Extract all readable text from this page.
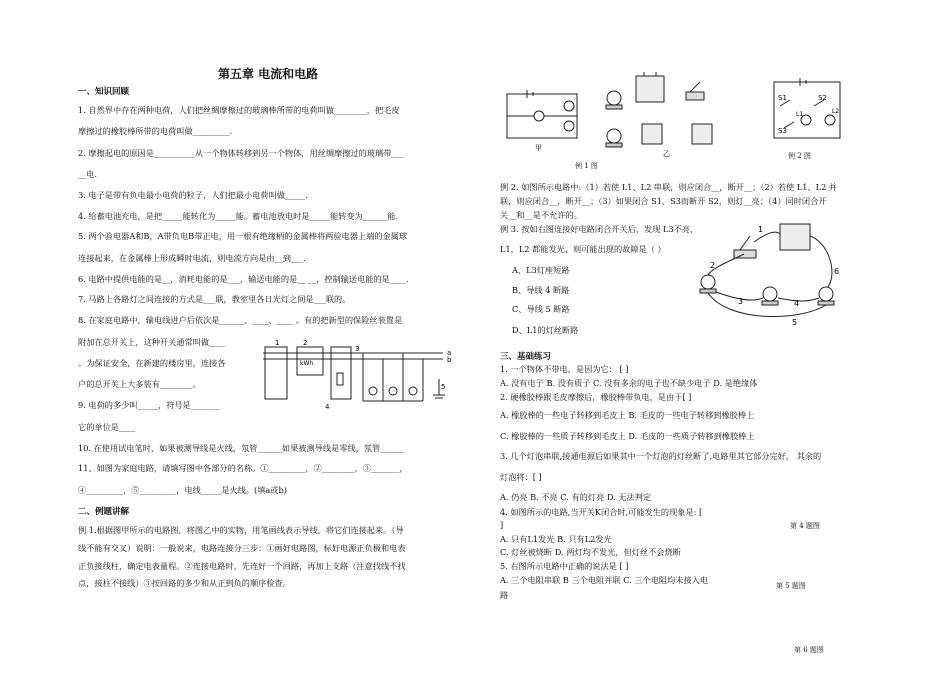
第五章 电流和电路
一、知识回顾
1. 自然界中存在两种电荷，人们把丝绸摩擦过的玻璃棒所带的电荷叫做________，把毛皮
摩擦过的橡胶棒所带的电荷叫做_________.
2. 摩擦起电的原因是__________从一个物体转移到另一个物体，用丝绸摩擦过的玻璃带___
__电.
3. 电子是带有负电最小电荷的粒子，人们把最小电荷叫做_____.
4. 给蓄电池充电，是把_____能转化为_____能。蓄电池放电时是_____能转变为______能.
5. 两个验电器A和B，A带负电B带正电，用一根有绝缘柄的金属棒将两验电器上端的金属球
连接起来，在金属棒上形成瞬时电流，则电流方向是由__到___.
6. 电路中提供电能的是__，消耗电能的是___，输送电能的是__ __，控制输送电能的是____.
7. 马路上各路灯之间连接的方式是___联，教室里各日光灯之间是___联的。
8. 在家庭电路中，输电线进户后依次是______、____、____ 。有的把新型的保险丝装置是
附加在总开关上，这种开关通常叫做____
。为保证安全，在新建的楼房里，连接各
户的总开关上大多装有________。
9. 电荷的多少叫_____，符号是_______
它的单位是____
10. 在使用试电笔时，如果被测导线是火线，氖管______如果被测导线是零线，氖管______
11、如图为家庭电路，请填写图中各部分的名称。①_________，②________，③_______，
④_________，⑤_________，电线_____是火线。(填a或b)
二、例题讲解
例 1.根据图甲所示的电路图，将图乙中的实物，用笔画线表示导线，将它们连接起来。（导
线不能有交叉）说明：一般说来，电路连接分三步：①画好电路图，标好电源正负极和电表
正负接线柱，确定电表量程。②连接电路时，先连好一个回路，再加上支路（注意找线不找
点，接柱不接线）③按回路的多少和从正到负的顺序检查。
1	2
3
4
5
a
b
kWh
甲
乙
例 1 图
S1	S2
S3
L1	L2
例 2 图
例 2. 如图所示电路中:（1）若使 L1、L2 串联，则应闭合__，断开__；（2）若使 L1、L2 并
联，则应闭合__，断开__；（3）如果闭合 S1、S3而断开 S2，则灯__亮；（4）同时闭合开
关__和__是不允许的。
例 3. 按如右图连接好电路闭合开关后，发现 L3不亮，
L1，L2 都能发光，则可能出现的故障是（ ）
A、L3灯座短路
B、导线 4 断路
C、导线 5 断路
D、L1的灯丝断路
1
2
3	4
5
6
三、基础练习
1. 一个物体不带电，是因为它： [ ]
A. 没有电子 B. 没有质子 C. 没有多余的电子也不缺少电子 D. 是绝缘体
2. 硬橡胶棒跟毛皮摩擦后，橡胶棒带负电，是由于[ ]
A. 橡胶棒的一些电子转移到毛皮上 B. 毛皮的一些电子转移到橡胶棒上
C. 橡胶棒的一些质子转移到毛皮上 D. 毛皮的一些质子转移到橡胶棒上
3. 几个灯泡串联,接通电源后如果其中一个灯泡的灯丝断了,电路里其它部分完好， 其余的
灯泡将：[ ]
A. 仍亮 B. 不亮 C. 有的灯亮 D. 无法判定
4. 如图所示的电路,当开关K闭合时,可能发生的现象是: [
]
A. 只有L1发光 B. 只有L2发光
C. 灯丝被烧断 D. 两灯均不发光，但灯丝不会烧断
5. 右图所示电路中正确的说法是 [ ]
A. 三个电阻串联 B 三个电阻并联 C. 三个电阻均未接入电
路
第 4 题图
第 5 题图
第 6 题图
